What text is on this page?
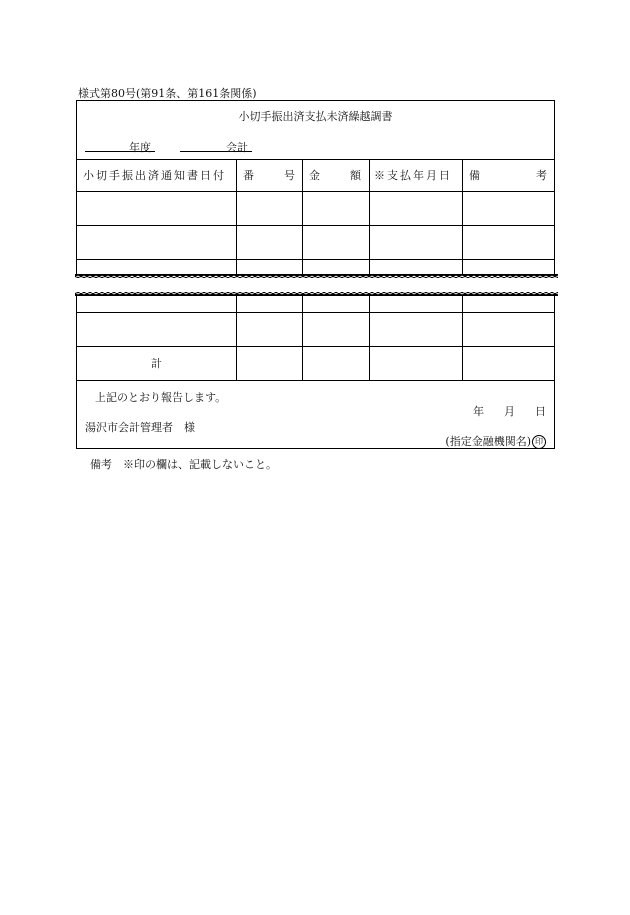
様式第80号(第91条、第161条関係)
小切手振出済支払未済繰越調書
年度	会計
小切手振出済通知書日付 番 号 金 額 ※支払年月日 備 考
計
上記のとおり報告します。
年 月 日
湯沢市会計管理者　様
(指定金融機関名) 印
備考　※印の欄は、記載しないこと。
